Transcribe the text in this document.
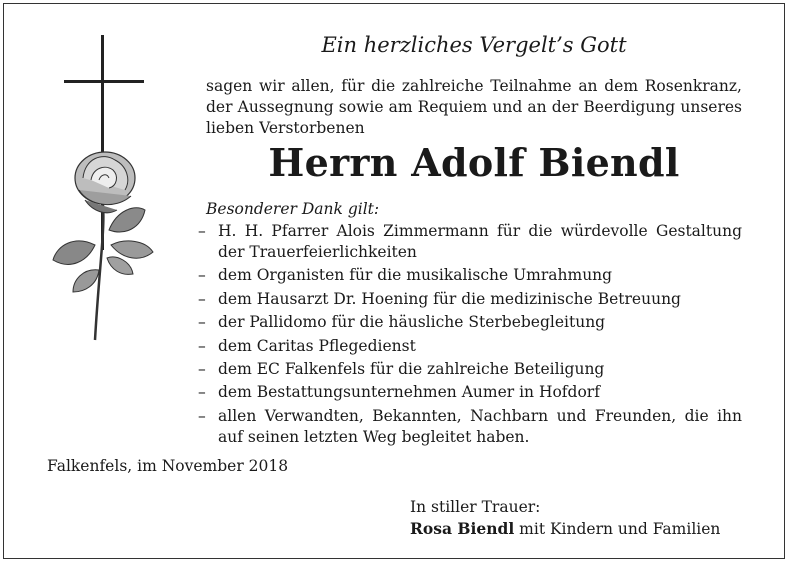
Ein herzliches Vergelt’s Gott
sagen wir allen, für die zahlreiche Teilnahme an dem Rosenkranz, der Aussegnung sowie am Requiem und an der Beerdigung unseres lieben Verstorbenen
Herrn Adolf Biendl
Besonderer Dank gilt:
– H. H. Pfarrer Alois Zimmermann für die würdevolle Gestaltung der Trauerfeierlichkeiten
– dem Organisten für die musikalische Umrahmung
– dem Hausarzt Dr. Hoening für die medizinische Betreuung
– der Pallidomo für die häusliche Sterbebegleitung
– dem Caritas Pflegedienst
– dem EC Falkenfels für die zahlreiche Beteiligung
– dem Bestattungsunternehmen Aumer in Hofdorf
– allen Verwandten, Bekannten, Nachbarn und Freunden, die ihn auf seinen letzten Weg begleitet haben.
Falkenfels, im November 2018
In stiller Trauer:
Rosa Biendl mit Kindern und Familien
